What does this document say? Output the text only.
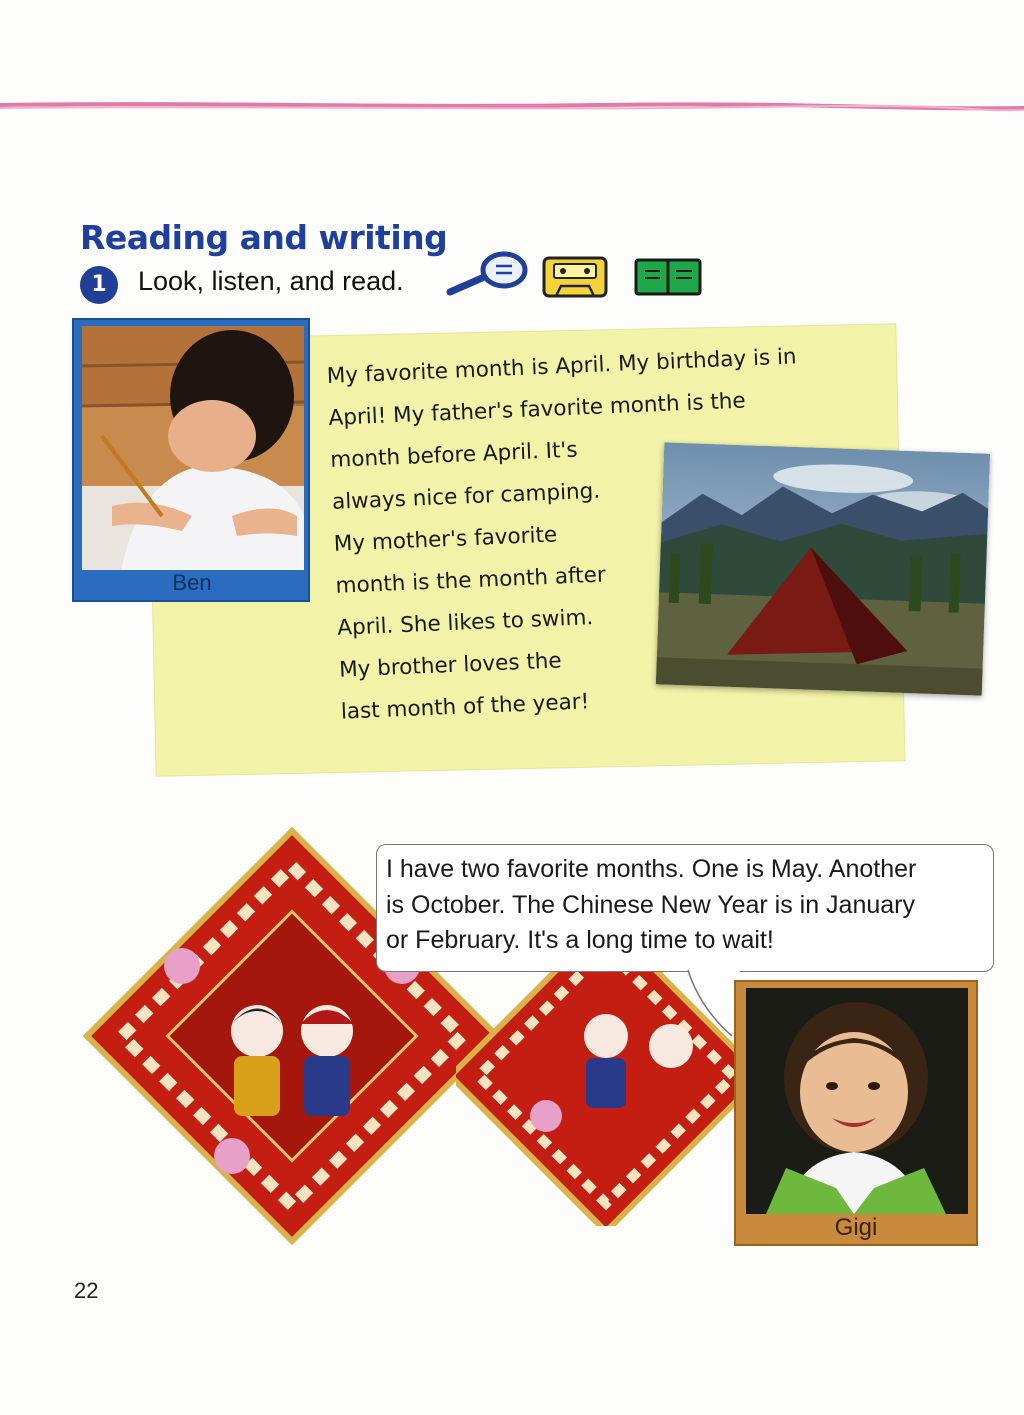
Reading and writing
1	Look, listen, and read.
Ben
My favorite month is April. My birthday is in
April! My father's favorite month is the
month before April. It's
always nice for camping.
My mother's favorite
month is the month after
April. She likes to swim.
My brother loves the
last month of the year!
I have two favorite months. One is May. Another
is October. The Chinese New Year is in January
or February. It's a long time to wait!
Gigi
22
